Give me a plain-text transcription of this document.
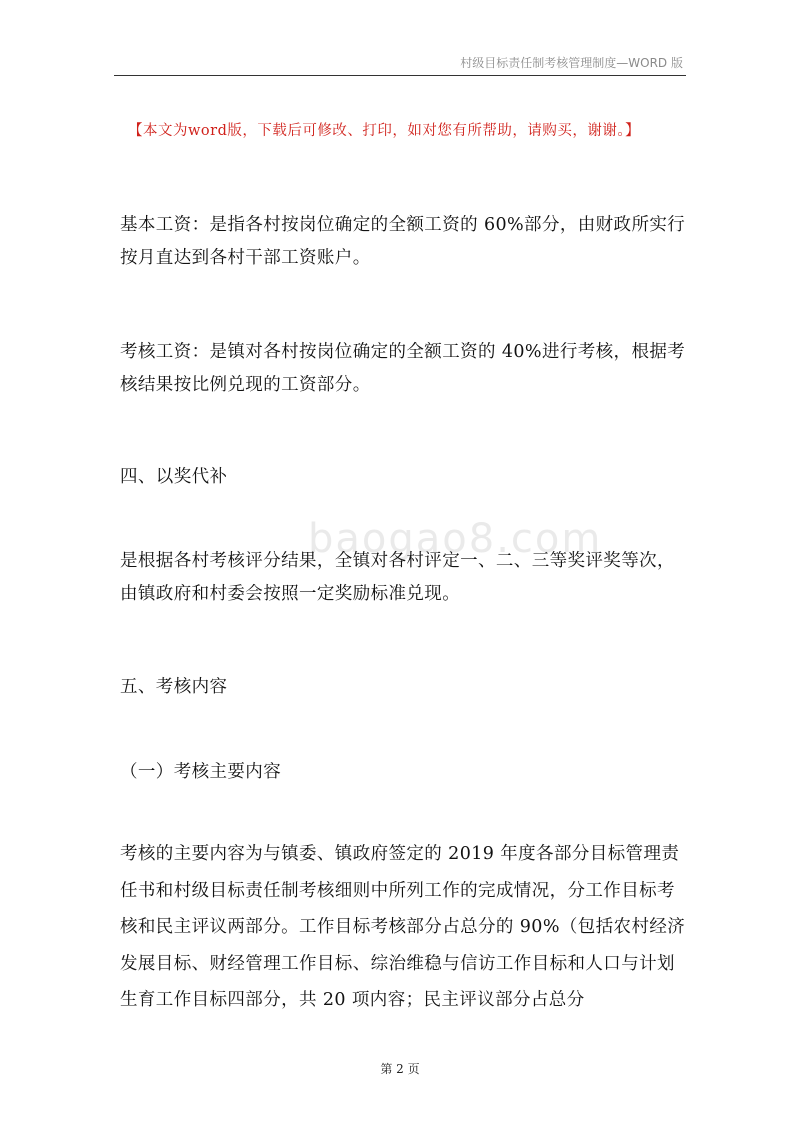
村级目标责任制考核管理制度—WORD 版
【本文为word版，下载后可修改、打印，如对您有所帮助，请购买，谢谢。】
baogao8.com
基本工资：是指各村按岗位确定的全额工资的 60%部分，由财政所实行按月直达到各村干部工资账户。
考核工资：是镇对各村按岗位确定的全额工资的 40%进行考核，根据考核结果按比例兑现的工资部分。
四、以奖代补
是根据各村考核评分结果，全镇对各村评定一、二、三等奖评奖等次，由镇政府和村委会按照一定奖励标准兑现。
五、考核内容
（一）考核主要内容
考核的主要内容为与镇委、镇政府签定的 2019 年度各部分目标管理责任书和村级目标责任制考核细则中所列工作的完成情况，分工作目标考核和民主评议两部分。工作目标考核部分占总分的 90%（包括农村经济发展目标、财经管理工作目标、综治维稳与信访工作目标和人口与计划生育工作目标四部分，共 20 项内容；民主评议部分占总分
第 2 页
